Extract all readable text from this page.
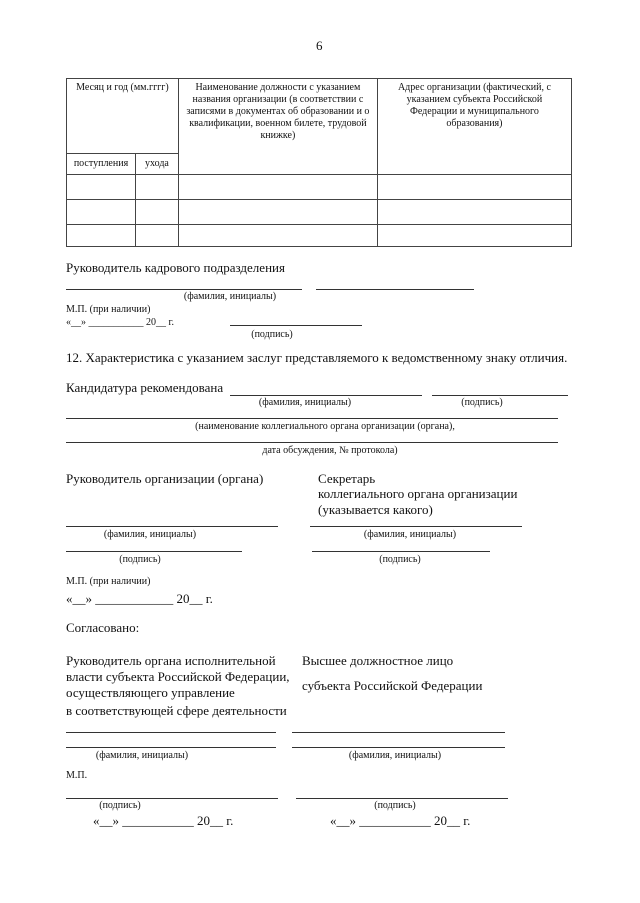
6
Месяц и год (мм.гггг)		Наименование должности с указанием названия организации (в соответствии с записями в документах об образовании и о квалификации, военном билете, трудовой книжке)	Адрес организации (фактический, с указанием субъекта Российской Федерации и муниципального образования)
поступления	ухода		

Руководитель кадрового подразделения
(фамилия, инициалы)
М.П. (при наличии)
«__» ___________ 20__ г.
(подпись)
12. Характеристика с указанием заслуг представляемого к ведомственному знаку отличия.
Кандидатура рекомендована
(фамилия, инициалы)	(подпись)
(наименование коллегиального органа организации (органа),
дата обсуждения, № протокола)
Руководитель организации (органа)	Секретарь
коллегиального органа организации
(указывается какого)
(фамилия, инициалы)	(фамилия, инициалы)
(подпись)	(подпись)
М.П. (при наличии)
«__» ____________ 20__ г.
Согласовано:
Руководитель органа исполнительной
власти субъекта Российской Федерации,
осуществляющего управление
в соответствующей сфере деятельности
Высшее должностное лицо
субъекта Российской Федерации
(фамилия, инициалы)	(фамилия, инициалы)
М.П.
(подпись)	(подпись)
«__» ___________ 20__ г.	«__» ___________ 20__ г.
